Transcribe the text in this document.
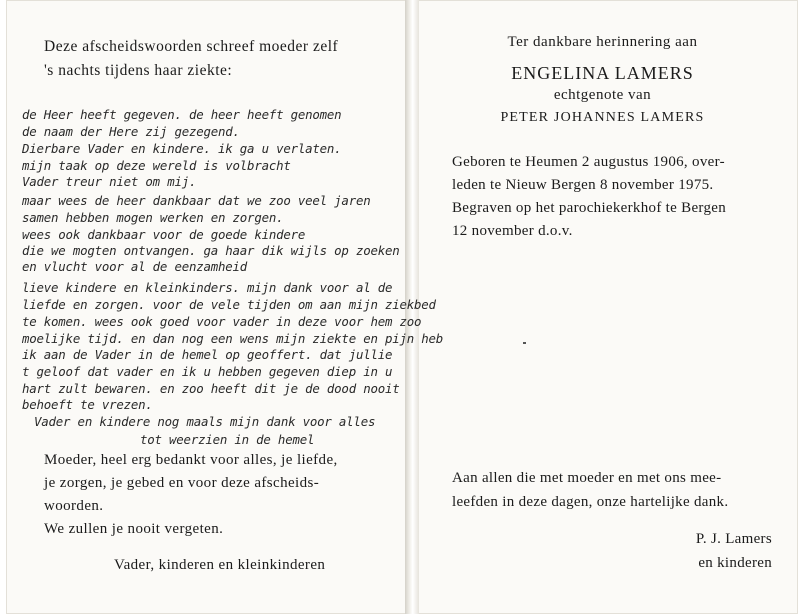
Deze afscheidswoorden schreef moeder zelf
's nachts tijdens haar ziekte:
de Heer heeft gegeven. de heer heeft genomen
de naam der Here zij gezegend.
Dierbare Vader en kindere. ik ga u verlaten.
mijn taak op deze wereld is volbracht
Vader treur niet om mij.
maar wees de heer dankbaar dat we zoo veel jaren
samen hebben mogen werken en zorgen.
wees ook dankbaar voor de goede kindere
die we mogten ontvangen. ga haar dik wijls op zoeken
en vlucht voor al de eenzamheid
lieve kindere en kleinkinders. mijn dank voor al de
liefde en zorgen. voor de vele tijden om aan mijn ziekbed
te komen. wees ook goed voor vader in deze voor hem zoo
moelijke tijd. en dan nog een wens mijn ziekte en pijn heb
ik aan de Vader in de hemel op geoffert. dat jullie
t geloof dat vader en ik u hebben gegeven diep in u
hart zult bewaren. en zoo heeft dit je de dood nooit
behoeft te vrezen.
Vader en kindere nog maals mijn dank voor alles
tot weerzien in de hemel
Moeder, heel erg bedankt voor alles, je liefde,
je zorgen, je gebed en voor deze afscheids-
woorden.
We zullen je nooit vergeten.
Vader, kinderen en kleinkinderen
Ter dankbare herinnering aan
ENGELINA LAMERS
echtgenote van
PETER JOHANNES LAMERS
Geboren te Heumen 2 augustus 1906, over-
leden te Nieuw Bergen 8 november 1975.
Begraven op het parochiekerkhof te Bergen
12 november d.o.v.
Aan allen die met moeder en met ons mee-
leefden in deze dagen, onze hartelijke dank.
P. J. Lamers
en kinderen
